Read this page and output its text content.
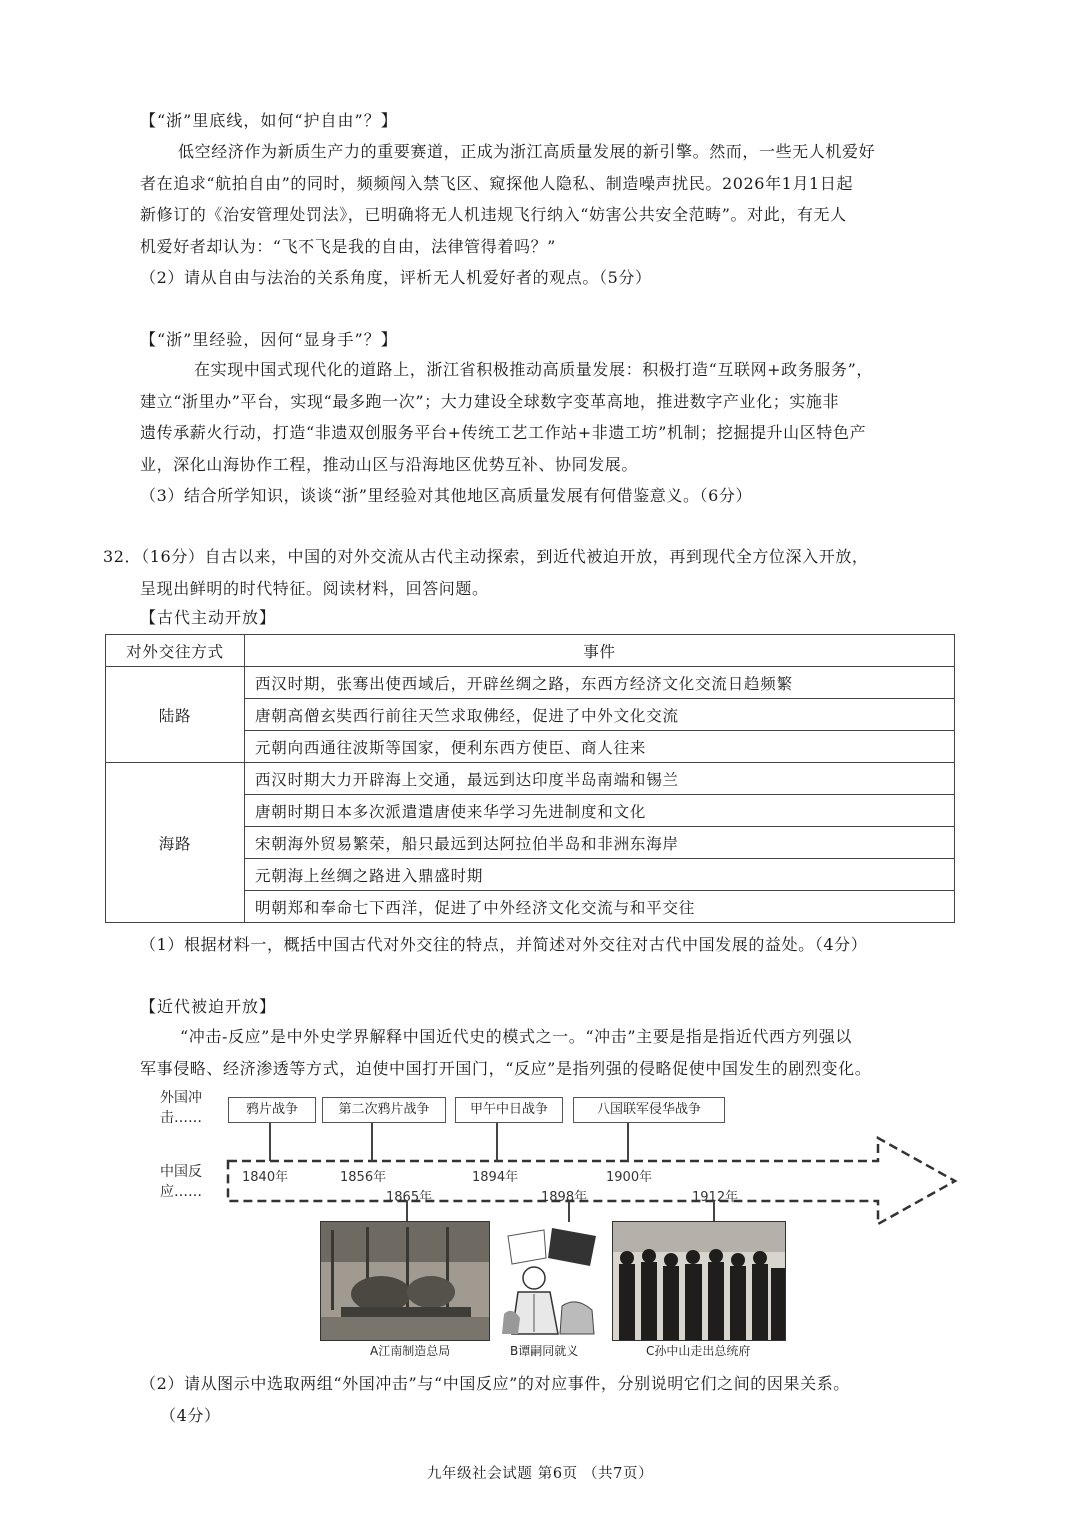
【“浙”里底线，如何“护自由”？】
低空经济作为新质生产力的重要赛道，正成为浙江高质量发展的新引擎。然而，一些无人机爱好
者在追求“航拍自由”的同时，频频闯入禁飞区、窥探他人隐私、制造噪声扰民。2026年1月1日起
新修订的《治安管理处罚法》，已明确将无人机违规飞行纳入“妨害公共安全范畴”。对此，有无人
机爱好者却认为：“飞不飞是我的自由，法律管得着吗？”
（2）请从自由与法治的关系角度，评析无人机爱好者的观点。（5分）
【“浙”里经验，因何“显身手”？】
在实现中国式现代化的道路上，浙江省积极推动高质量发展：积极打造“互联网+政务服务”，
建立“浙里办”平台，实现“最多跑一次”；大力建设全球数字变革高地，推进数字产业化；实施非
遗传承薪火行动，打造“非遗双创服务平台+传统工艺工作站+非遗工坊”机制；挖掘提升山区特色产
业，深化山海协作工程，推动山区与沿海地区优势互补、协同发展。
（3）结合所学知识，谈谈“浙”里经验对其他地区高质量发展有何借鉴意义。（6分）
32．（16分）自古以来，中国的对外交流从古代主动探索，到近代被迫开放，再到现代全方位深入开放，
呈现出鲜明的时代特征。阅读材料，回答问题。
【古代主动开放】
对外交往方式	事件
陆路	西汉时期，张骞出使西域后，开辟丝绸之路，东西方经济文化交流日趋频繁
	唐朝高僧玄奘西行前往天竺求取佛经，促进了中外文化交流
	元朝向西通往波斯等国家，便利东西方使臣、商人往来
海路	西汉时期大力开辟海上交通，最远到达印度半岛南端和锡兰
	唐朝时期日本多次派遣遣唐使来华学习先进制度和文化
	宋朝海外贸易繁荣，船只最远到达阿拉伯半岛和非洲东海岸
	元朝海上丝绸之路进入鼎盛时期
	明朝郑和奉命七下西洋，促进了中外经济文化交流与和平交往
（1）根据材料一，概括中国古代对外交往的特点，并简述对外交往对古代中国发展的益处。（4分）
【近代被迫开放】
“冲击-反应”是中外史学界解释中国近代史的模式之一。“冲击”主要是指是指近代西方列强以
军事侵略、经济渗透等方式，迫使中国打开国门，“反应”是指列强的侵略促使中国发生的剧烈变化。
外国冲
击……
中国反
应……
鸦片战争	第二次鸦片战争	甲午中日战争	八国联军侵华战争
1840年	1856年	1894年	1900年
1865年	1898年	1912年
A江南制造总局	B谭嗣同就义	C孙中山走出总统府
（2）请从图示中选取两组“外国冲击”与“中国反应”的对应事件，分别说明它们之间的因果关系。
（4分）
九年级社会试题 第6页 （共7页）
